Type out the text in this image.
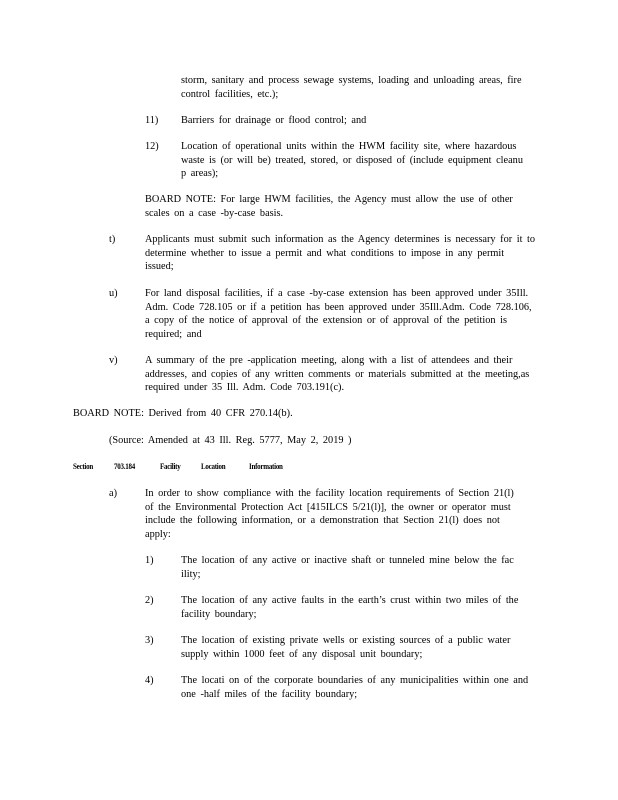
storm, sanitary and process sewage systems, loading and unloading areas, fire control facilities, etc.);

11) Barriers for drainage or flood control; and

12) Location of operational units within the HWM facility site, where hazardous waste is (or will be) treated, stored, or disposed of (include equipment cleanu p areas);

BOARD NOTE: For large HWM facilities, the Agency must allow the use of other scales on a case -by-case basis.

t)	Applicants must submit such information as the Agency determines is necessary for it to determine whether to issue a permit and what conditions to impose in any permit issued;

u)	For land disposal facilities, if a case -by-case extension has been approved under 35Ill. Adm. Code 728.105 or if a petition has been approved under 35Ill.Adm. Code 728.106, a copy of the notice of approval of the extension or of approval of the petition is required; and

v)	A summary of the pre -application meeting, along with a list of attendees and their addresses, and copies of any written comments or materials submitted at the meeting,as required under 35 Ill. Adm. Code 703.191(c).

BOARD NOTE: Derived from 40 CFR 270.14(b).

(Source: Amended at 43 Ill. Reg. 5777, May 2, 2019 )

Section 703.184	Facility Location	Information
a)	In order to show compliance with the facility location requirements of Section 21(l) of the Environmental Protection Act [415ILCS 5/21(l)], the owner or operator must include the following information, or a demonstration that Section 21(l) does not apply:

1)	The location of any active or inactive shaft or tunneled mine below the fac ility;

2)	The location of any active faults in the earth’s crust within two miles of the facility boundary;

3)	The location of existing private wells or existing sources of a public water supply within 1000 feet of any disposal unit boundary;

4)	The locati on of the corporate boundaries of any municipalities within one and one -half miles of the facility boundary;
